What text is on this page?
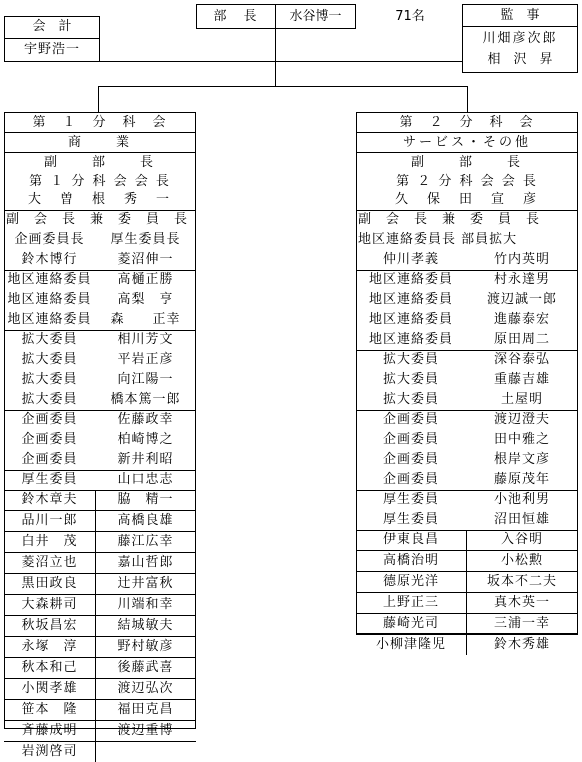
部　長	水谷博一	71名
会　計
宇野浩一
監　事
川畑彦次郎
相　沢　昇
第　１　分　科　会
商　　業
副　　部　　長
第 １ 分 科 会 会 長
大　曽　根　秀　一
副　会　長　兼　委　員　長
企画委員長	厚生委員長
鈴木博行	菱沼伸一
地区連絡委員	高樋正勝
地区連絡委員	高梨　亨
地区連絡委員	森　　正幸
拡大委員	相川芳文
拡大委員	平岩正彦
拡大委員	向江陽一
拡大委員	橋本篤一郎
企画委員	佐藤政幸
企画委員	柏崎博之
企画委員	新井利昭
厚生委員	山口忠志
鈴木章夫	脇　精一
品川一郎	高橋良雄
白井　茂	藤江広幸
菱沼立也	嘉山哲郎
黒田政良	辻井富秋
大森耕司	川端和幸
秋坂昌宏	結城敏夫
永塚　淳	野村敏彦
秋本和己	後藤武喜
小関孝雄	渡辺弘次
笹本　隆	福田克昌
斉藤成明	渡辺重博
岩渕啓司
第　２　分　科　会
サービス・その他
副　　部　　長
第 ２ 分 科 会 会 長
久　保　田　宣　彦
副　会　長　兼　委　員　長
地区連絡委員長 部員拡大
仲川孝義	竹内英明
地区連絡委員	村永達男
地区連絡委員	渡辺誠一郎
地区連絡委員	進藤泰宏
地区連絡委員	原田周二
拡大委員	深谷泰弘
拡大委員	重藤吉雄
拡大委員	土屋明
企画委員	渡辺澄夫
企画委員	田中雅之
企画委員	根岸文彦
企画委員	藤原茂年
厚生委員	小池利男
厚生委員	沼田恒雄
伊東良昌	入谷明
高橋治明	小松勲
德原光洋	坂本不二夫
上野正三	真木英一
藤崎光司	三浦一幸
小柳津隆児	鈴木秀雄
